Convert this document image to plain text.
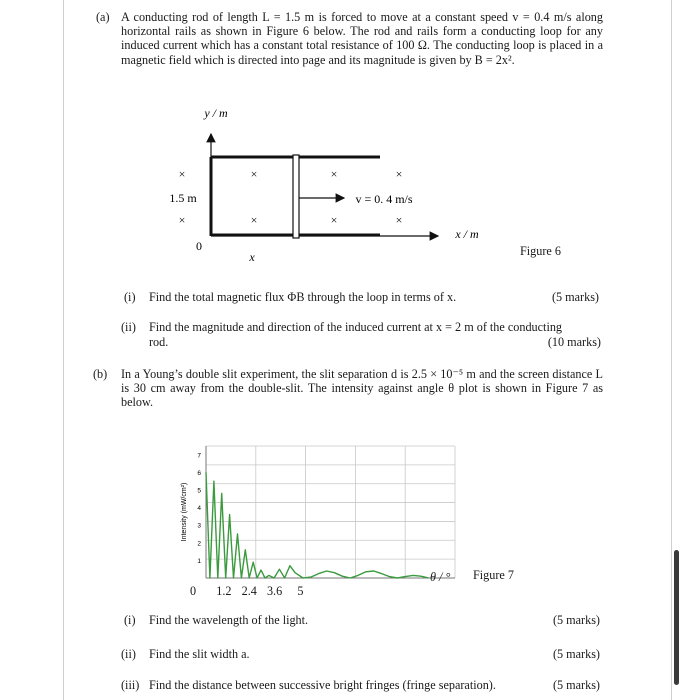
(a) A conducting rod of length L = 1.5 m is forced to move at a constant speed v = 0.4 m/s along horizontal rails as shown in Figure 6 below. The rod and rails form a conducting loop for any induced current which has a constant total resistance of 100 Ω. The conducting loop is placed in a magnetic field which is directed into page and its magnitude is given by B = 2x².
×	×	×	×
×	×	×	×
y / m
x / m
1.5 m
0
x
v = 0. 4 m/s
Figure 6
(i) Find the total magnetic flux ΦB through the loop in terms of x.	(5 marks)
(ii) Find the magnitude and direction of the induced current at x = 2 m of the conducting
rod.	(10 marks)
(b) In a Young’s double slit experiment, the slit separation d is 2.5 × 10⁻⁵ m and the screen distance L is 30 cm away from the double-slit. The intensity against angle θ plot is shown in Figure 7 as below.
1
2
3
4
5
6
7
Intensity (mW/cm²)
0 1.2 2.4 3.6 5
θ / ° Figure 7
(i) Find the wavelength of the light.	(5 marks)
(ii) Find the slit width a.	(5 marks)
(iii) Find the distance between successive bright fringes (fringe separation).	(5 marks)
